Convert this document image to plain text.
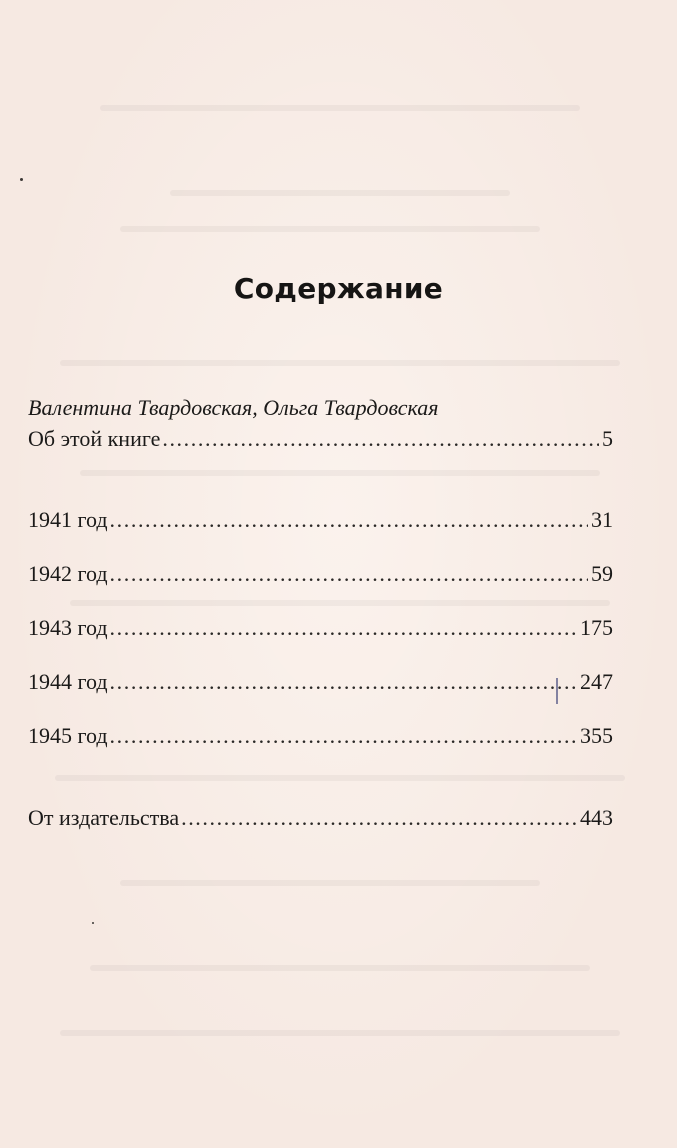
Содержание
Валентина Твардовская, Ольга Твардовская
Об этой книге .....	5
1941 год .....	31
1942 год .....	59
1943 год .....	175
1944 год .....	247
1945 год .....	355
От издательства .....	443
